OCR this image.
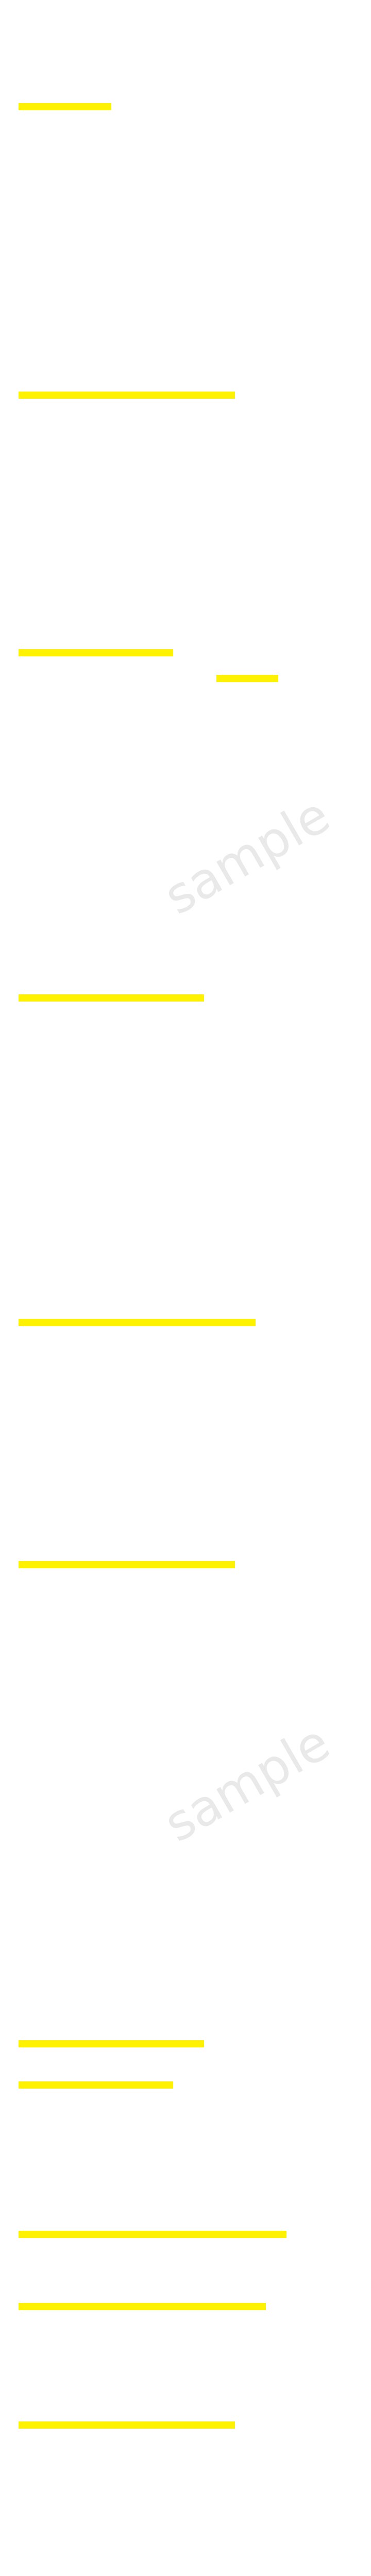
sample
sample
